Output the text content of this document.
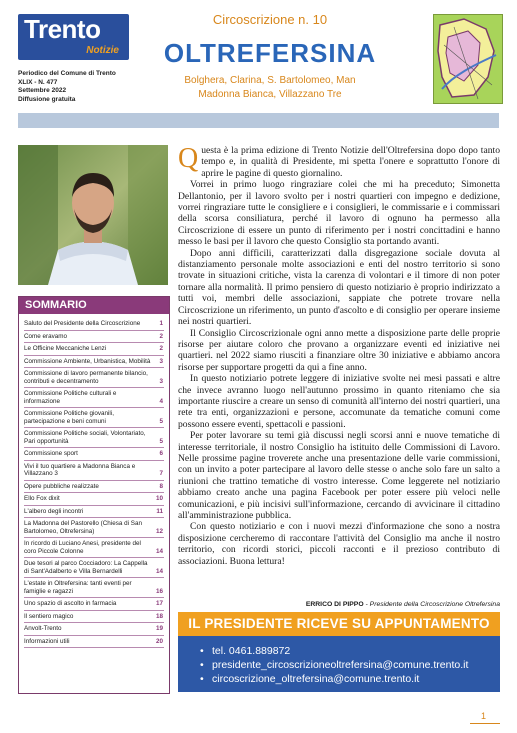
Trento
Notizie
Periodico del Comune di Trento
XLIX - N. 477
Settembre 2022
Diffusione gratuita
Circoscrizione n. 10
OLTREFERSINA
Bolghera, Clarina, S. Bartolomeo, Man Madonna Bianca, Villazzano Tre
SOMMARIO
Saluto del Presidente della Circoscrizione	1
Come eravamo	2
Le Officine Meccaniche Lenzi	2
Commissione Ambiente, Urbanistica, Mobilità 3
Commissione di lavoro permanente bilancio, contributi e decentramento	3
Commissione Politiche culturali e informazione	4
Commissione Politiche giovanili, partecipazione e beni comuni	5
Commissione Politiche sociali, Volontariato, Pari opportunità	5
Commissione sport	6
Vivi il tuo quartiere a Madonna Bianca e Villazzano 3	7
Opere pubbliche realizzate	8
Ello Fox dixit	10
L'albero degli incontri	11
La Madonna del Pastorello (Chiesa di San Bartolomeo, Oltrefersina)	12
In ricordo di Luciano Anesi, presidente del coro Piccole Colonne	14
Due tesori al parco Cocciadoro: La Cappella di Sant'Adalberto e Villa Bernardelli	14
L'estate in Oltrefersina: tanti eventi per famiglie e ragazzi	16
Uno spazio di ascolto in farmacia	17
Il sentiero magico	18
Anvolt-Trento	19
Informazioni utili	20

Questa è la prima edizione di Trento Notizie dell'Oltrefersina dopo dopo tanto tempo e, in qualità di Presidente, mi spetta l'onere e soprattutto l'onore di aprire le pagine di questo giornalino.

Vorrei in primo luogo ringraziare colei che mi ha preceduto; Simonetta Dellantonio, per il lavoro svolto per i nostri quartieri con impegno e dedizione, vorrei ringraziare tutte le consigliere e i consiglieri, le commissarie e i commissari della scorsa consiliatura, perché il lavoro di ognuno ha permesso alla Circoscrizione di essere un punto di riferimento per i nostri concittadini e hanno messo le basi per il lavoro che questo Consiglio sta portando avanti.

Dopo anni difficili, caratterizzati dalla disgregazione sociale dovuta al distanziamento personale molte associazioni e enti del nostro territorio si sono trovate in situazioni critiche, vista la carenza di volontari e il timore di non poter tornare alla normalità. Il primo pensiero di questo notiziario è proprio indirizzato a tutti voi, membri delle associazioni, sappiate che potrete trovare nella Circoscrizione un riferimento, un punto d'ascolto e di consiglio per operare insieme nei nostri quartieri.

Il Consiglio Circoscrizionale ogni anno mette a disposizione parte delle proprie risorse per aiutare coloro che provano a organizzare eventi ed iniziative nei quartieri. nel 2022 siamo riusciti a finanziare oltre 30 iniziative e abbiamo ancora risorse per supportare progetti da qui a fine anno.

In questo notiziario potrete leggere di iniziative svolte nei mesi passati e altre che invece avranno luogo nell'autunno prossimo in quanto riteniamo che sia importante riuscire a creare un senso di comunità all'interno dei nostri quartieri, una rete tra enti, organizzazioni e persone, accomunate da tematiche comuni come possono essere eventi, spettacoli e passioni.

Per poter lavorare su temi già discussi negli scorsi anni e nuove tematiche di interesse territoriale, il nostro Consiglio ha istituito delle Commissioni di Lavoro. Nelle prossime pagine troverete anche una presentazione delle varie commissioni, con un invito a poter partecipare al lavoro delle stesse o anche solo fare un salto a riunioni che trattino tematiche di vostro interesse. Come leggerete nel notiziario abbiamo creato anche una pagina Facebook per poter essere più veloci nelle comunicazioni, e più incisivi sull'informazione, cercando di avvicinare il cittadino all'amministrazione pubblica.

Con questo notiziario e con i nuovi mezzi d'informazione che sono a nostra disposizione cercheremo di raccontare l'attività del Consiglio ma anche il nostro territorio, con ricordi storici, piccoli racconti e il prezioso contributo di associazioni. Buona lettura!

ERRICO DI PIPPO - Presidente della Circoscrizione Oltrefersina
IL PRESIDENTE RICEVE SU APPUNTAMENTO
• tel. 0461.889872
• presidente_circoscrizioneoltrefersina@comune.trento.it
• circoscrizione_oltrefersina@comune.trento.it
1
